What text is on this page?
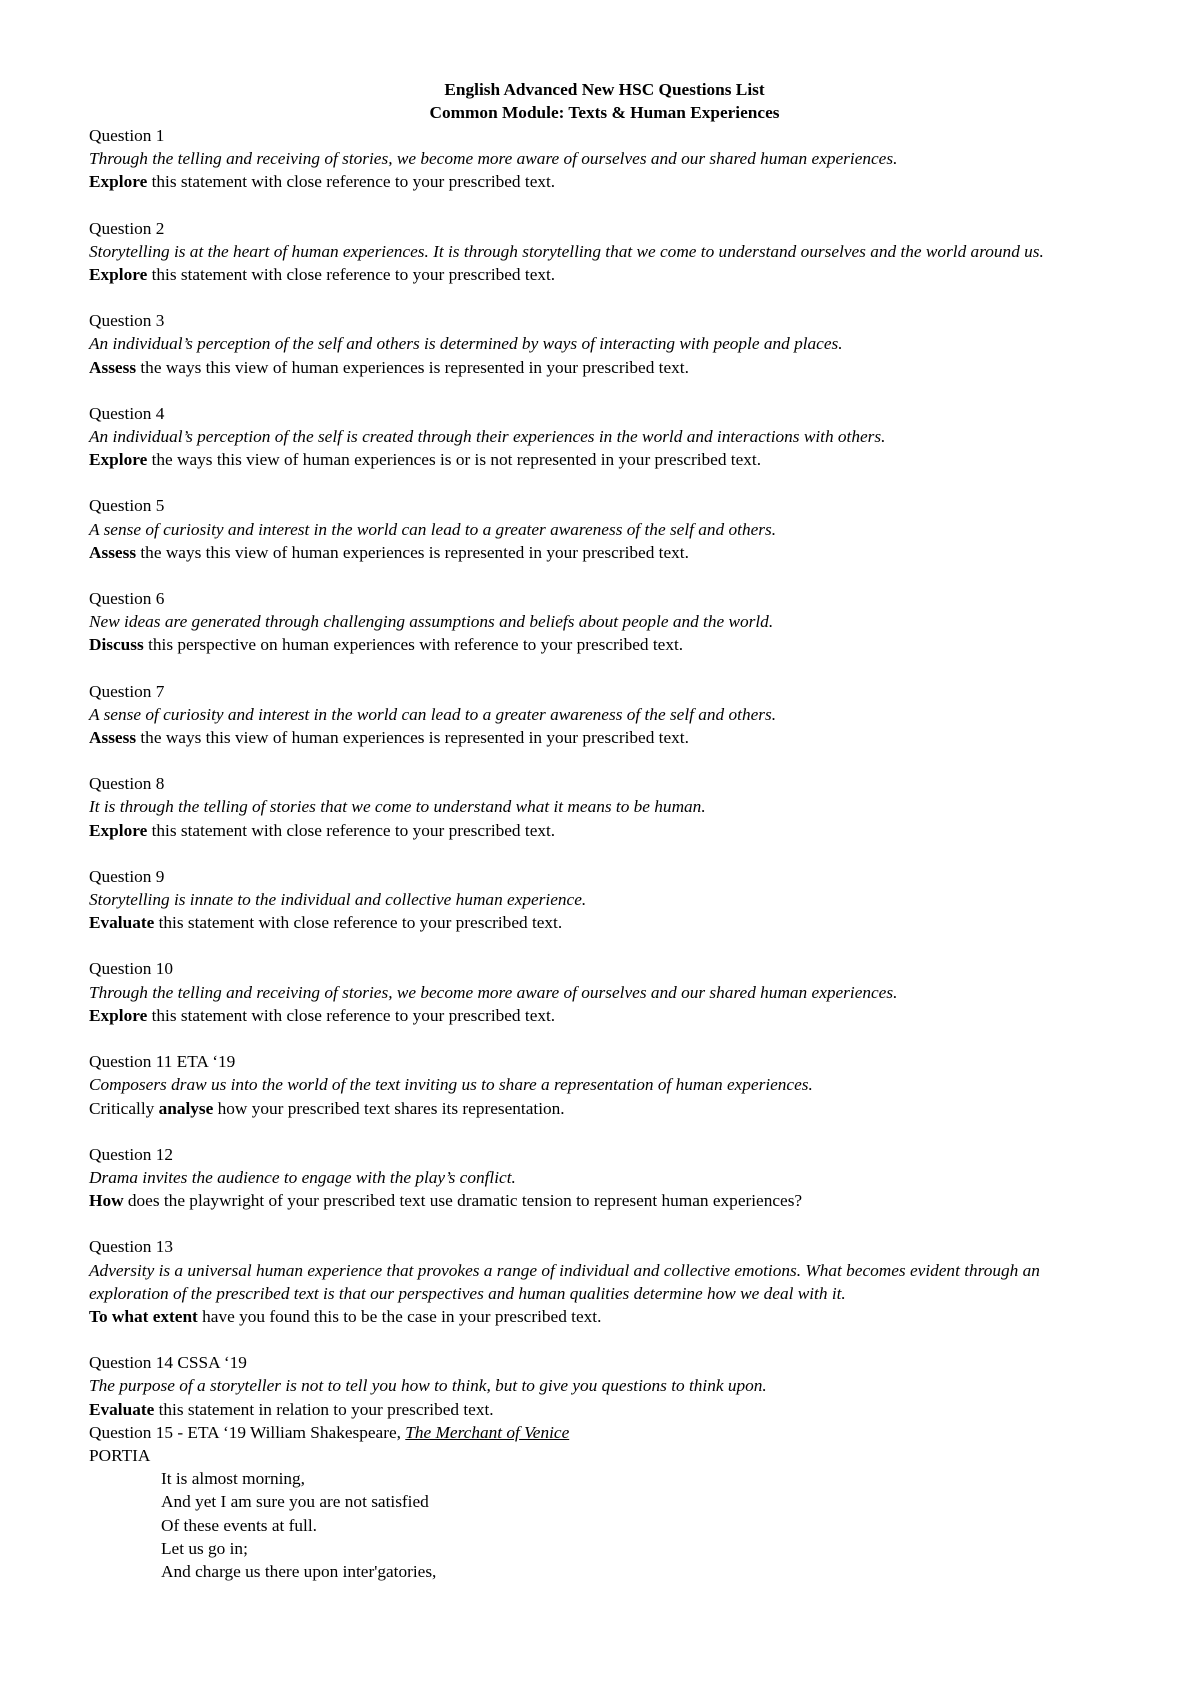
English Advanced New HSC Questions List
Common Module: Texts & Human Experiences
Question 1
Through the telling and receiving of stories, we become more aware of ourselves and our shared human experiences.
Explore this statement with close reference to your prescribed text.
Question 2
Storytelling is at the heart of human experiences. It is through storytelling that we come to understand ourselves and the world around us.
Explore this statement with close reference to your prescribed text.
Question 3
An individual’s perception of the self and others is determined by ways of interacting with people and places.
Assess the ways this view of human experiences is represented in your prescribed text.
Question 4
An individual’s perception of the self is created through their experiences in the world and interactions with others.
Explore the ways this view of human experiences is or is not represented in your prescribed text.
Question 5
A sense of curiosity and interest in the world can lead to a greater awareness of the self and others.
Assess the ways this view of human experiences is represented in your prescribed text.
Question 6
New ideas are generated through challenging assumptions and beliefs about people and the world.
Discuss this perspective on human experiences with reference to your prescribed text.
Question 7
A sense of curiosity and interest in the world can lead to a greater awareness of the self and others.
Assess the ways this view of human experiences is represented in your prescribed text.
Question 8
It is through the telling of stories that we come to understand what it means to be human.
Explore this statement with close reference to your prescribed text.
Question 9
Storytelling is innate to the individual and collective human experience.
Evaluate this statement with close reference to your prescribed text.
Question 10
Through the telling and receiving of stories, we become more aware of ourselves and our shared human experiences.
Explore this statement with close reference to your prescribed text.
Question 11 ETA ‘19
Composers draw us into the world of the text inviting us to share a representation of human experiences.
Critically analyse how your prescribed text shares its representation.
Question 12
Drama invites the audience to engage with the play’s conflict.
How does the playwright of your prescribed text use dramatic tension to represent human experiences?
Question 13
Adversity is a universal human experience that provokes a range of individual and collective emotions. What becomes evident through an exploration of the prescribed text is that our perspectives and human qualities determine how we deal with it.
To what extent have you found this to be the case in your prescribed text.
Question 14 CSSA ‘19
The purpose of a storyteller is not to tell you how to think, but to give you questions to think upon.
Evaluate this statement in relation to your prescribed text.
Question 15 - ETA ‘19 William Shakespeare, The Merchant of Venice
PORTIA
It is almost morning,
And yet I am sure you are not satisfied
Of these events at full.
Let us go in;
And charge us there upon inter'gatories,
